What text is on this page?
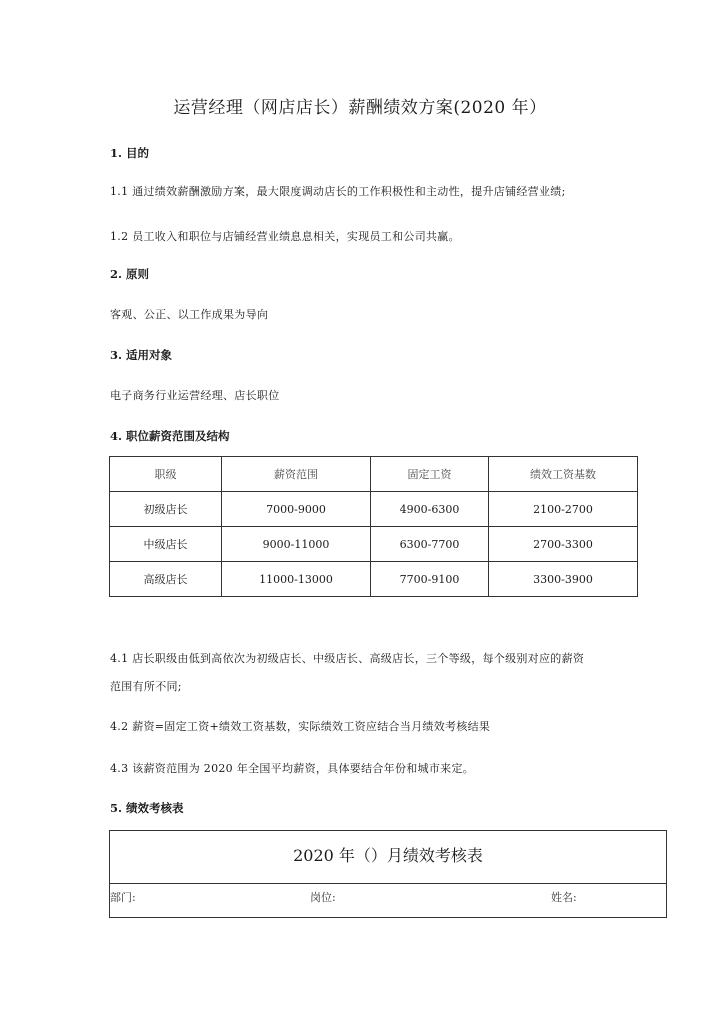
运营经理（网店店长）薪酬绩效方案(2020 年）
1. 目的
1.1 通过绩效薪酬激励方案，最大限度调动店长的工作积极性和主动性，提升店铺经营业绩;
1.2 员工收入和职位与店铺经营业绩息息相关，实现员工和公司共赢。
2. 原则
客观、公正、以工作成果为导向
3. 适用对象
电子商务行业运营经理、店长职位
4. 职位薪资范围及结构
职级	薪资范围	固定工资	绩效工资基数
初级店长	7000-9000	4900-6300	2100-2700
中级店长	9000-11000	6300-7700	2700-3300
高级店长	11000-13000	7700-9100	3300-3900
4.1 店长职级由低到高依次为初级店长、中级店长、高级店长，三个等级，每个级别对应的薪资
范围有所不同;
4.2 薪资=固定工资+绩效工资基数，实际绩效工资应结合当月绩效考核结果
4.3 该薪资范围为 2020 年全国平均薪资，具体要结合年份和城市来定。
5. 绩效考核表
2020 年（）月绩效考核表
部门:	岗位:	姓名:
